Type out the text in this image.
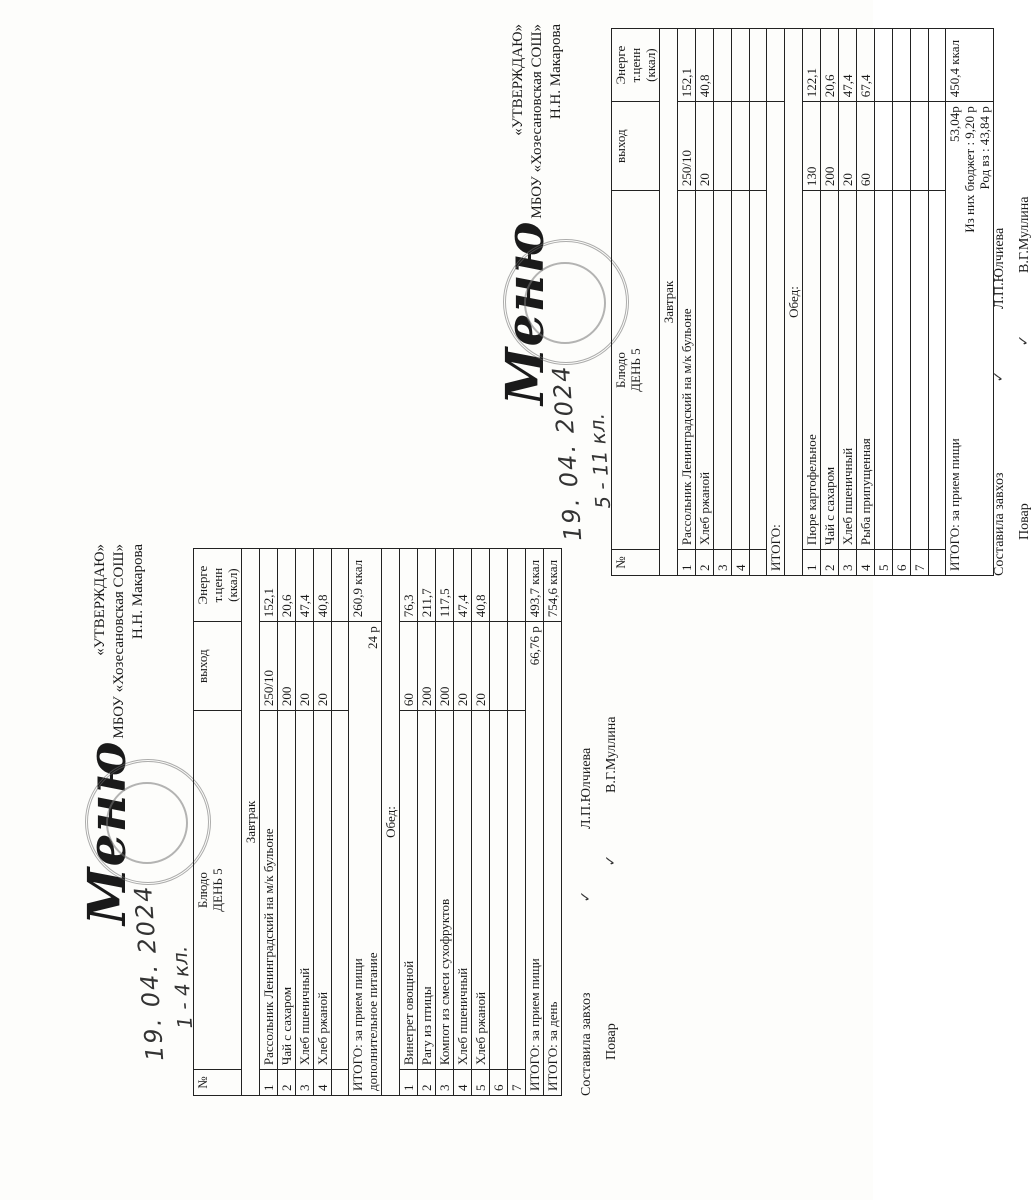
Меню
19. 04. 2024
1 - 4 кл.
«УТВЕРЖДАЮ» МБОУ «Хозесановская СОШ» Н.Н. Макарова
№	Блюдо
ДЕНЬ 5	выход	Энерге т.ценн (ккал)
Завтрак			
1	Рассольник Ленинградский на м/к бульоне	250/10	152,1
2	Чай с сахаром	200	20,6
3	Хлеб пшеничный	20	47,4
4	Хлеб ржаной	20	40,8

ИТОГО: за прием пищи
дополнительное питание
24 р			260,9 ккал
Обед:			
1	Винегрет овощной	60	76,3
2	Рагу из птицы	200	211,7
3	Компот из смеси сухофруктов	200	117,5
4	Хлеб пшеничный	20	47,4
5	Хлеб ржаной	20	40,8
6			
7			
ИТОГО: за прием пищи
66,76 р			493,7 ккал
ИТОГО: за день			754,6 ккал
Составила завхоз ✓ Л.П.Юлчиева
Повар ✓ В.Г.Муллина
Меню
19. 04. 2024
5 - 11 кл.
«УТВЕРЖДАЮ» МБОУ «Хозесановская СОШ» Н.Н. Макарова
№	Блюдо
ДЕНЬ 5	выход	Энерге т.ценн (ккал)
Завтрак			
1	Рассольник Ленинградский на м/к бульоне	250/10	152,1
2	Хлеб ржаной	20	40,8
3			
4			

ИТОГО:			
Обед:			
1	Пюре картофельное	130	122,1
2	Чай с сахаром	200	20,6
3	Хлеб пшеничный	20	47,4
4	Рыба припущенная	60	67,4
5			
6			
7			

ИТОГО: за прием пищи
53,04р Из них бюджет : 9,20 р Род вз : 43,84 р			450,4 ккал
Составила завхоз ✓ Л.П.Юлчиева
Повар ✓ В.Г.Муллина
